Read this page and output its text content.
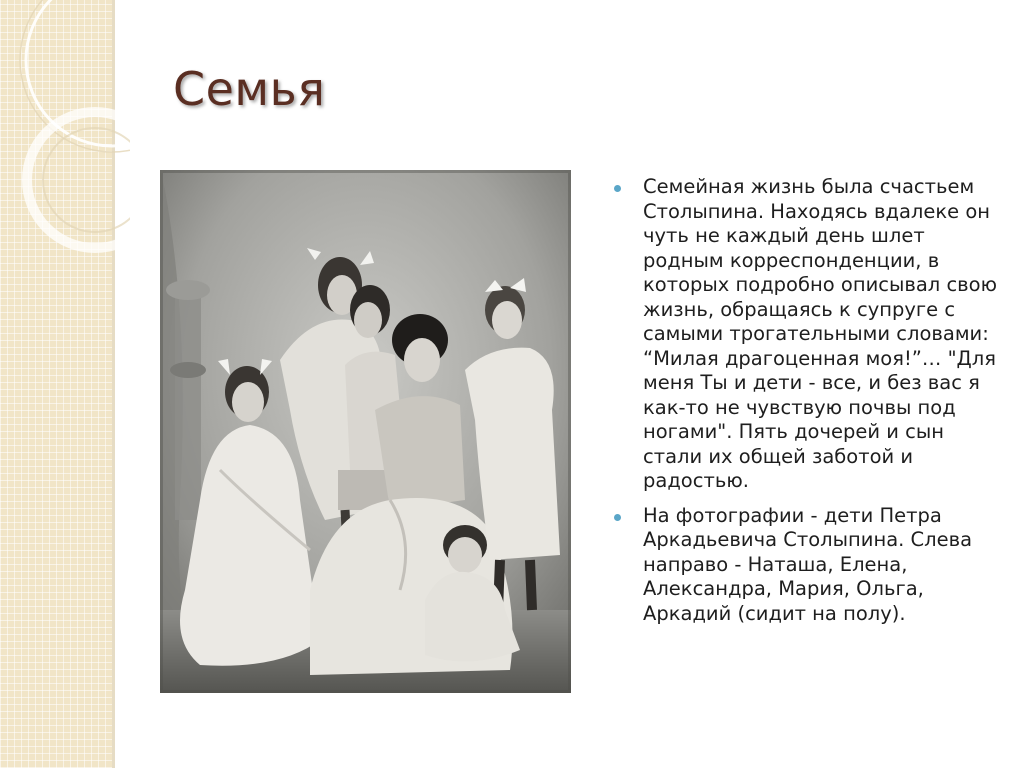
Семья
Семейная жизнь была счастьем Столыпина. Находясь вдалеке он чуть не каждый день шлет родным корреспонденции, в которых подробно описывал свою жизнь, обращаясь к супруге с самыми трогательными словами: “Милая драгоценная моя!”… "Для меня Ты и дети - все, и без вас я как-то не чувствую почвы под ногами". Пять дочерей и сын стали их общей заботой и радостью.
На фотографии - дети Петра Аркадьевича Столыпина. Слева направо - Наташа, Елена, Александра, Мария, Ольга, Аркадий (сидит на полу).
